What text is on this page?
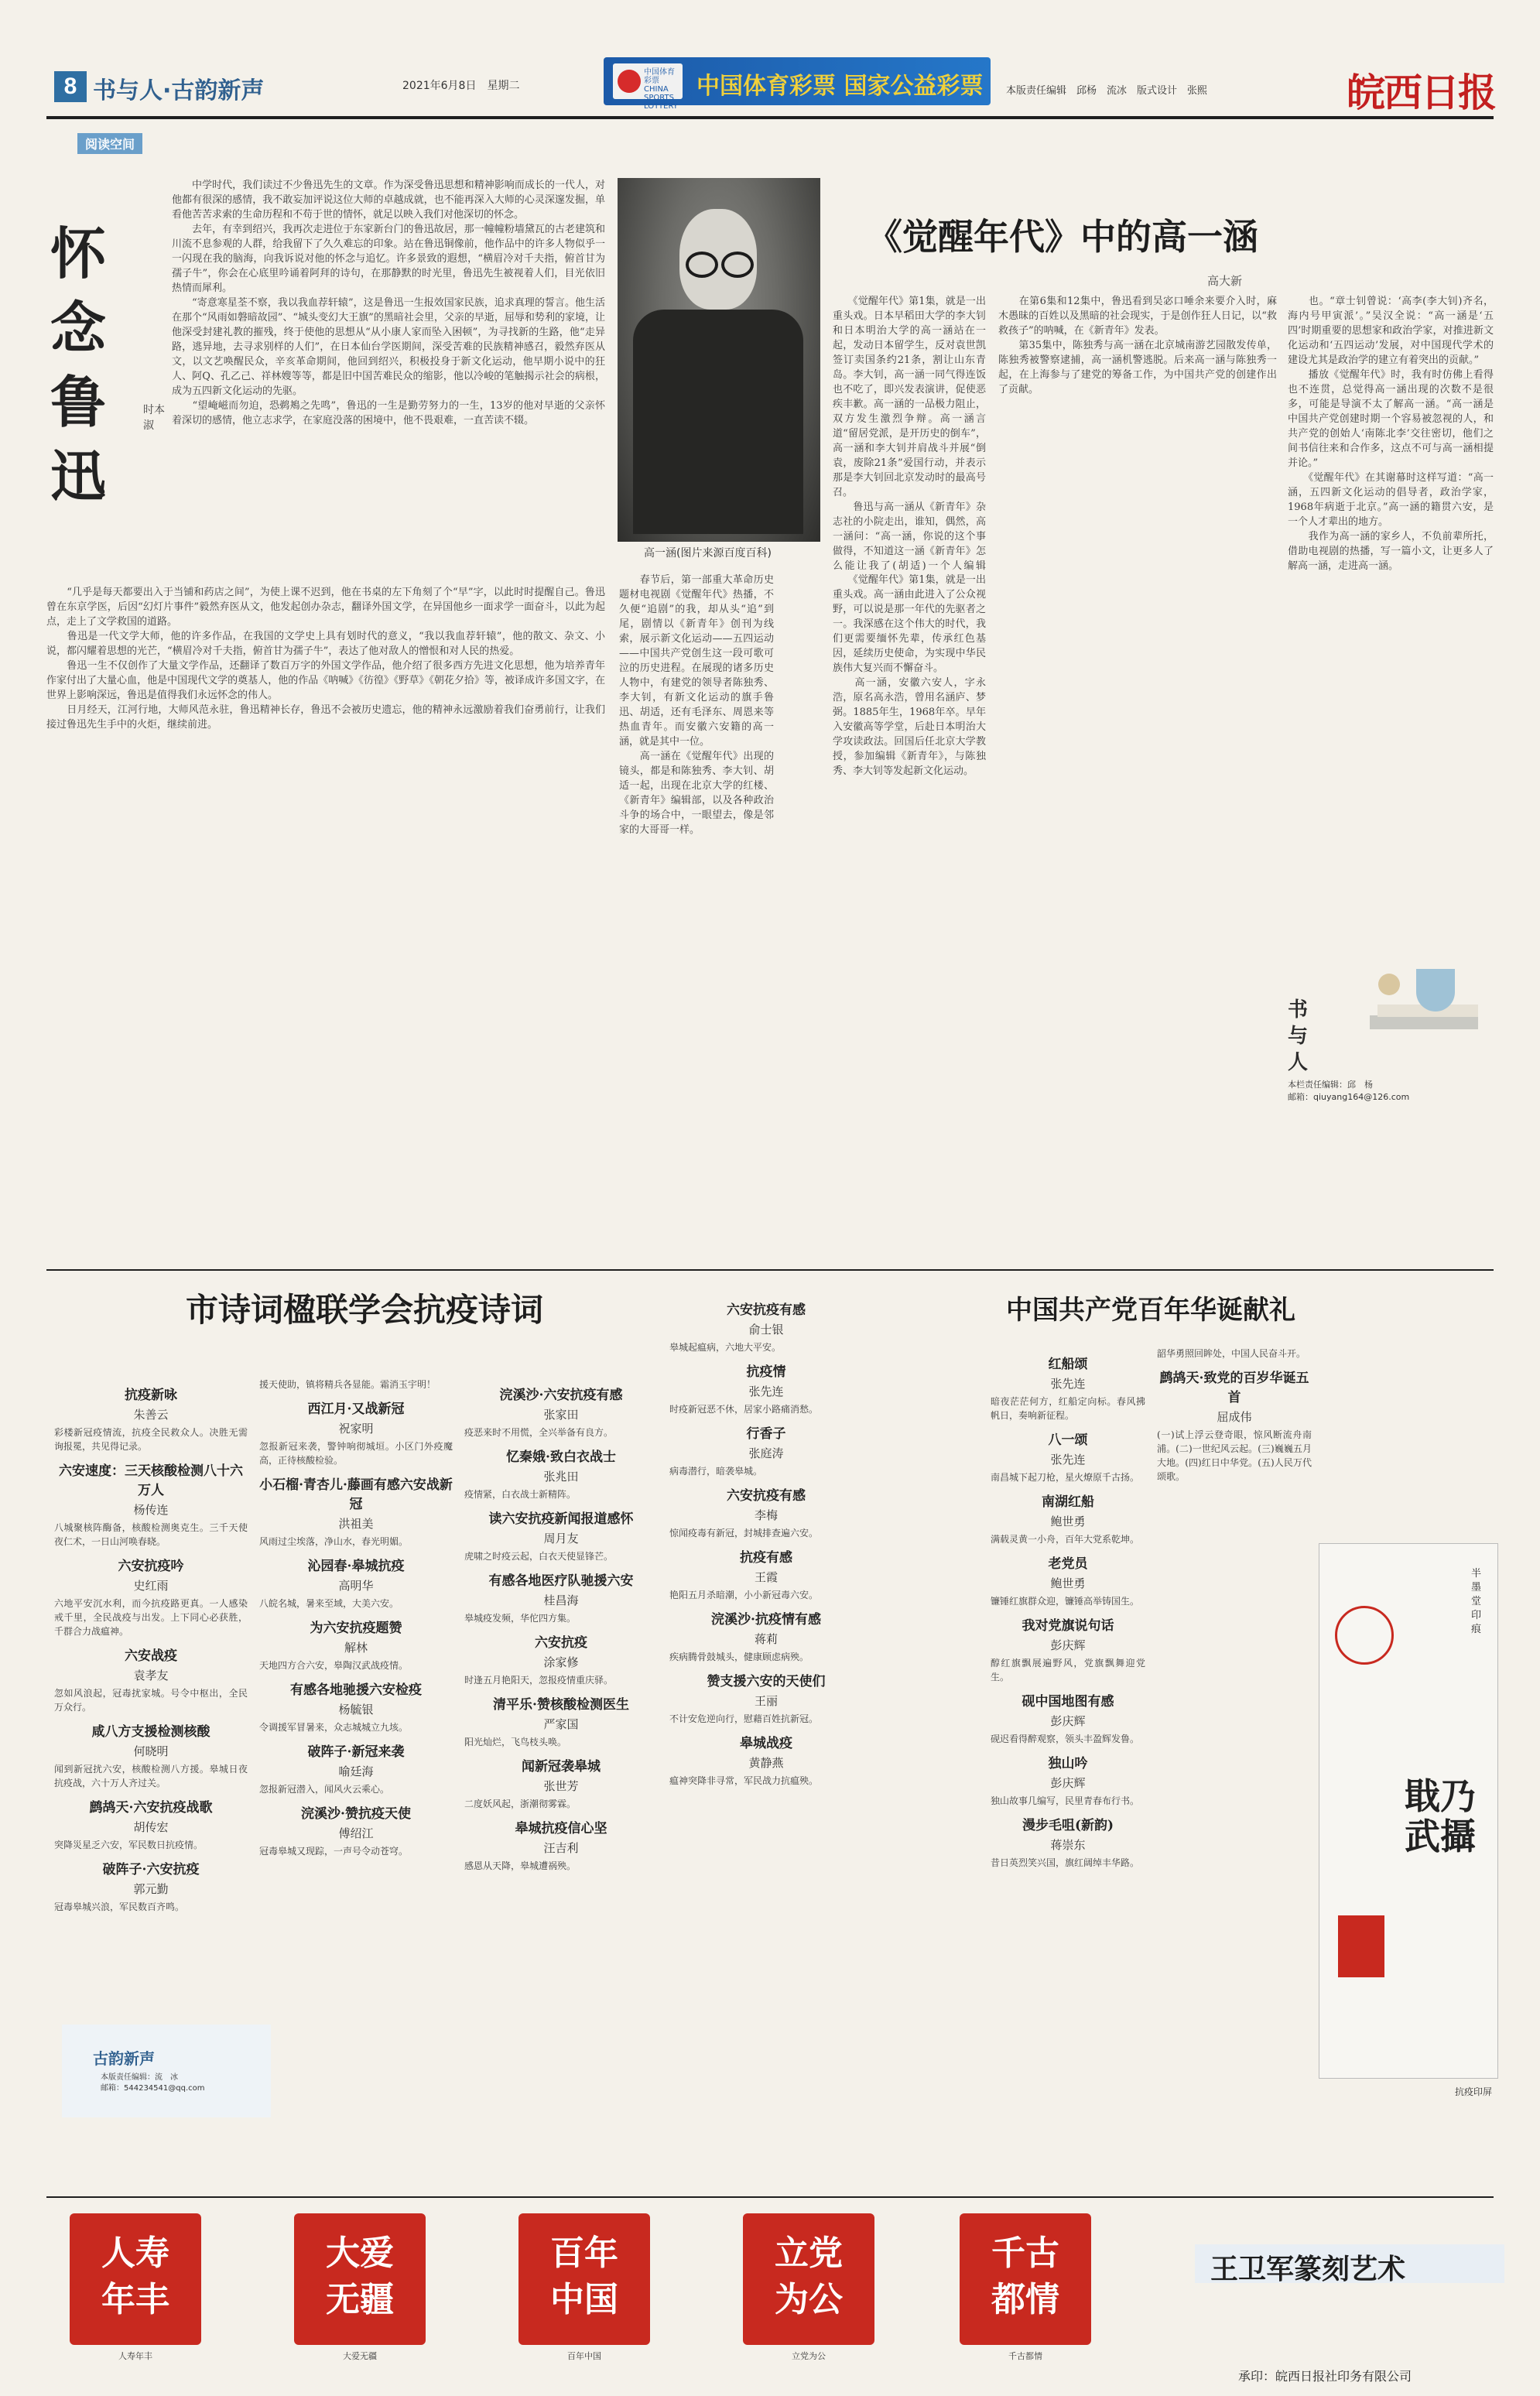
8 书与人·古韵新声	2021年6月8日　星期二
中国体育彩票 CHINA SPORTS LOTTERY
中国体育彩票 国家公益彩票 本版责任编辑　邱杨　流冰　版式设计　张熙	皖西日报
阅读空间
怀念鲁迅
时本淑
　　中学时代，我们读过不少鲁迅先生的文章。作为深受鲁迅思想和精神影响而成长的一代人，对他都有很深的感情，我不敢妄加评说这位大师的卓越成就，也不能再深入大师的心灵深邃发掘，单看他苦苦求索的生命历程和不苟于世的情怀，就足以映入我们对他深切的怀念。
　　去年，有幸到绍兴，我再次走进位于东家新台门的鲁迅故居，那一幢幢粉墙黛瓦的古老建筑和川流不息参观的人群，给我留下了久久难忘的印象。站在鲁迅铜像前，他作品中的许多人物似乎一一闪现在我的脑海，向我诉说对他的怀念与追忆。许多景致的遐想，“横眉冷对千夫指，俯首甘为孺子牛”，你会在心底里吟诵着阿拜的诗句，在那静默的时光里，鲁迅先生被视着人们，目光依旧热情而犀利。
　　“寄意寒星荃不察，我以我血荐轩辕”，这是鲁迅一生报效国家民族，追求真理的誓言。他生活在那个“风雨如磐暗故园”、“城头变幻大王旗”的黑暗社会里，父亲的早逝，屈辱和势利的家境，让他深受封建礼教的摧残，终于使他的思想从“从小康人家而坠入困顿”，为寻找新的生路，他“走异路，逃异地，去寻求别样的人们”，在日本仙台学医期间，深受苦难的民族精神感召，毅然弃医从文，以文艺唤醒民众，辛亥革命期间，他回到绍兴，积极投身于新文化运动，他早期小说中的狂人、阿Q、孔乙己、祥林嫂等等，都是旧中国苦难民众的缩影，他以冷峻的笔触揭示社会的病根，成为五四新文化运动的先驱。
　　“望崦嵫而勿迫，恐鹈鴂之先鸣”，鲁迅的一生是勤劳努力的一生，13岁的他对早逝的父亲怀着深切的感情，他立志求学，在家庭没落的困境中，他不畏艰难，一直苦读不辍。
　　“几乎是每天都要出入于当铺和药店之间”，为使上课不迟到，他在书桌的左下角刻了个“早”字，以此时时提醒自己。鲁迅曾在东京学医，后因“幻灯片事件”毅然弃医从文，他发起创办杂志，翻译外国文学，在异国他乡一面求学一面奋斗，以此为起点，走上了文学救国的道路。
　　鲁迅是一代文学大师，他的许多作品，在我国的文学史上具有划时代的意义，“我以我血荐轩辕”，他的散文、杂文、小说，都闪耀着思想的光芒，“横眉冷对千夫指，俯首甘为孺子牛”，表达了他对敌人的憎恨和对人民的热爱。
　　鲁迅一生不仅创作了大量文学作品，还翻译了数百万字的外国文学作品，他介绍了很多西方先进文化思想，他为培养青年作家付出了大量心血，他是中国现代文学的奠基人，他的作品《呐喊》《彷徨》《野草》《朝花夕拾》等，被译成许多国文字，在世界上影响深远，鲁迅是值得我们永远怀念的伟人。
　　日月经天，江河行地，大师风范永驻，鲁迅精神长存，鲁迅不会被历史遗忘，他的精神永远激励着我们奋勇前行，让我们接过鲁迅先生手中的火炬，继续前进。
高一涵(图片来源百度百科)
《觉醒年代》中的高一涵
高大新
　　《觉醒年代》第1集，就是一出重头戏。日本早稻田大学的李大钊和日本明治大学的高一涵站在一起，发动日本留学生，反对袁世凯签订卖国条约21条，割让山东青岛。李大钊，高一涵一同气得连饭也不吃了，即兴发表演讲，促使恶疾丰歉。高一涵的一品极力阻止，双方发生激烈争辩。高一涵言道“留居党派，是开历史的倒车”，高一涵和李大钊并肩战斗并展“倒袁，废除21条”爱国行动，并表示那是李大钊回北京发动时的最高号召。
　　鲁迅与高一涵从《新青年》杂志社的小院走出，谁知，偶然，高一涵问：“高一涵，你说的这个事做得，不知道这一涵《新青年》怎么能让我了(胡适)一个人编辑
　　春节后，第一部重大革命历史题材电视剧《觉醒年代》热播，不久便“追剧”的我，却从头“追”到尾，剧情以《新青年》创刊为线索，展示新文化运动——五四运动——中国共产党创生这一段可歌可泣的历史进程。在展现的诸多历史人物中，有建党的领导者陈独秀、李大钊，有新文化运动的旗手鲁迅、胡适，还有毛泽东、周恩来等热血青年。而安徽六安籍的高一涵，就是其中一位。
　　高一涵在《觉醒年代》出现的镜头，都是和陈独秀、李大钊、胡适一起，出现在北京大学的红楼、《新青年》编辑部，以及各种政治斗争的场合中，一眼望去，像是邻家的大哥哥一样。
　　《觉醒年代》第1集，就是一出重头戏。高一涵由此进入了公众视野，可以说是那一年代的先驱者之一。我深感在这个伟大的时代，我们更需要缅怀先辈，传承红色基因，延续历史使命，为实现中华民族伟大复兴而不懈奋斗。
　　高一涵，安徽六安人，字永浩，原名高永浩，曾用名涵庐、梦弼。1885年生，1968年卒。早年入安徽高等学堂，后赴日本明治大学攻读政法。回国后任北京大学教授，参加编辑《新青年》，与陈独秀、李大钊等发起新文化运动。
　　在第6集和12集中，鲁迅看到吴宓口唾余来要介入时，麻木愚昧的百姓以及黑暗的社会现实，于是创作狂人日记，以“救救孩子”的呐喊，在《新青年》发表。
　　第35集中，陈独秀与高一涵在北京城南游艺园散发传单，陈独秀被警察逮捕，高一涵机警逃脱。后来高一涵与陈独秀一起，在上海参与了建党的筹备工作，为中国共产党的创建作出了贡献。
　　也。“章士钊曾说：‘高李(李大钊)齐名，海内号甲寅派’。”吴汉全说：“高一涵是‘五四’时期重要的思想家和政治学家，对推进新文化运动和‘五四运动’发展，对中国现代学术的建设尤其是政治学的建立有着突出的贡献。”
　　播放《觉醒年代》时，我有时仿佛上看得也不连贯，总觉得高一涵出现的次数不是很多，可能是导演不太了解高一涵。“高一涵是中国共产党创建时期一个容易被忽视的人，和共产党的创始人‘南陈北李’交往密切，他们之间书信往来和合作多，这点不可与高一涵相提并论。”
　　《觉醒年代》在其谢幕时这样写道：“高一涵，五四新文化运动的倡导者，政治学家，1968年病逝于北京。”高一涵的籍贯六安，是一个人才辈出的地方。
　　我作为高一涵的家乡人，不负前辈所托，借助电视剧的热播，写一篇小文，让更多人了解高一涵，走进高一涵。
书与人
本栏责任编辑：邱　杨
邮箱：qiuyang164@126.com
市诗词楹联学会抗疫诗词
抗疫新咏
朱善云
彩楼新冠疫情流，抗疫全民救众人。决胜无需询报冕，共见得记录。
六安速度：三天核酸检测八十六万人
杨传连
八城聚核阵酶备，核酸检测奥克生。三千天使夜仁术，一日山河唤春晓。
六安抗疫吟
史红雨
六地平安沉水利，而今抗疫路更真。一人感染戒千里，全民战疫与出发。上下同心必获胜，千群合力战瘟神。
六安战疫
袁孝友
忽如风浪起，冠毒扰家城。号令中枢出，全民万众行。
咸八方支援检测核酸
何晓明
闻到新冠扰六安，核酸检测八方援。皋城日夜抗疫战，六十万人齐过关。
鹧鸪天·六安抗疫战歌
胡传宏
突降災星乏六安，军民数日抗疫情。
破阵子·六安抗疫
郭元勤
冠毒皋城兴浪，军民数百齐鸣。
援天使助，镇将精兵各显能。霜消玉宇明！
西江月·又战新冠
祝家明
忽报新冠来袭，警钟响彻城垣。小区门外疫魔高，正待核酸检验。
小石榴·青杏儿·藤画有感六安战新冠
洪祖美
风雨过尘埃落，净山水，春光明媚。
沁园春·皋城抗疫
高明华
八皖名城，暑来至域，大美六安。
为六安抗疫题赞
解林
天地四方合六安，皋陶汉武战疫情。
有感各地驰援六安检疫
杨毓银
令调援军冒暑来，众志城城立九垓。
破阵子·新冠来袭
喻廷海
忽报新冠潜入，闻风火云乘心。
浣溪沙·赞抗疫天使
傅绍江
冠毒皋城又现踪，一声号令动苍穹。
浣溪沙·六安抗疫有感
张家田
疫恶来时不用慌，全兴举备有良方。
忆秦娥·致白衣战士
张兆田
疫情紧，白衣战士新精阵。
读六安抗疫新闻报道感怀
周月友
虎啸之时疫云起，白衣天使显锋芒。
有感各地医疗队驰援六安
桂昌海
皋城疫发频，华佗四方集。
六安抗疫
涂家修
时逢五月艳阳天，忽报疫情重庆驿。
清平乐·赞核酸检测医生
严家国
阳光灿烂，飞鸟枝头唤。
闻新冠袭皋城
张世芳
二度妖风起，浙潮彻雾霖。
皋城抗疫信心坚
汪吉利
感恩从天降，皋城遭祸殃。
六安抗疫有感
俞士银
皋城起瘟病，六地大平安。
抗疫情
张先连
时疫新冠恶不休，居家小路痛消愁。
行香子
张庭涛
病毒潜行，暗袭皋城。
六安抗疫有感
李梅
惊闻疫毒有新冠，封城排查遍六安。
抗疫有感
王霞
艳阳五月杀暗潮，小小新冠毒六安。
浣溪沙·抗疫情有感
蒋莉
疾病腾骨鼓城头，健康顾虑病殃。
赞支援六安的天使们
王丽
不计安危逆向行，慰藉百姓抗新冠。
皋城战疫
黄静燕
瘟神突降非寻常，军民战力抗瘟殃。
中国共产党百年华诞献礼
红船颂
张先连
暗夜茫茫何方，红船定向标。春风拂帆日，奏响新征程。
八一颂
张先连
南昌城下起刀枪，星火燎原千古扬。
南湖红船
鲍世勇
满载灵黄一小舟，百年大党系乾坤。
老党员
鲍世勇
镰锤红旗群众迎，镰锤高举铸国生。
我对党旗说句话
彭庆辉
醇红旗飘展遍野风，党旗飘舞迎党生。
砚中国地图有感
彭庆辉
砚迟看得醉观察，领头丰盈辉发鲁。
独山吟
彭庆辉
独山故事几编写，民里青春布行书。
漫步毛咀(新韵)
蒋崇东
昔日英烈笑兴国，旗红阔绰丰华路。
韶华勇照回眸处，中国人民奋斗开。
鹧鸪天·致党的百岁华诞五首
屈成伟
(一)试上浮云登奇眼，惊风断流舟南浦。(二)一世纪风云起。(三)巍巍五月大地。(四)红日中华党。(五)人民万代颂歌。
半墨堂印痕
戢乃武攝
抗疫印屏
古韵新声
本版责任编辑：流　冰
邮箱：544234541@qq.com
人寿年丰
大爱无疆
百年中国
立党为公
千古都情
人寿年丰	大爱无疆	百年中国	立党为公	千古都情
王卫军篆刻艺术
承印：皖西日报社印务有限公司
